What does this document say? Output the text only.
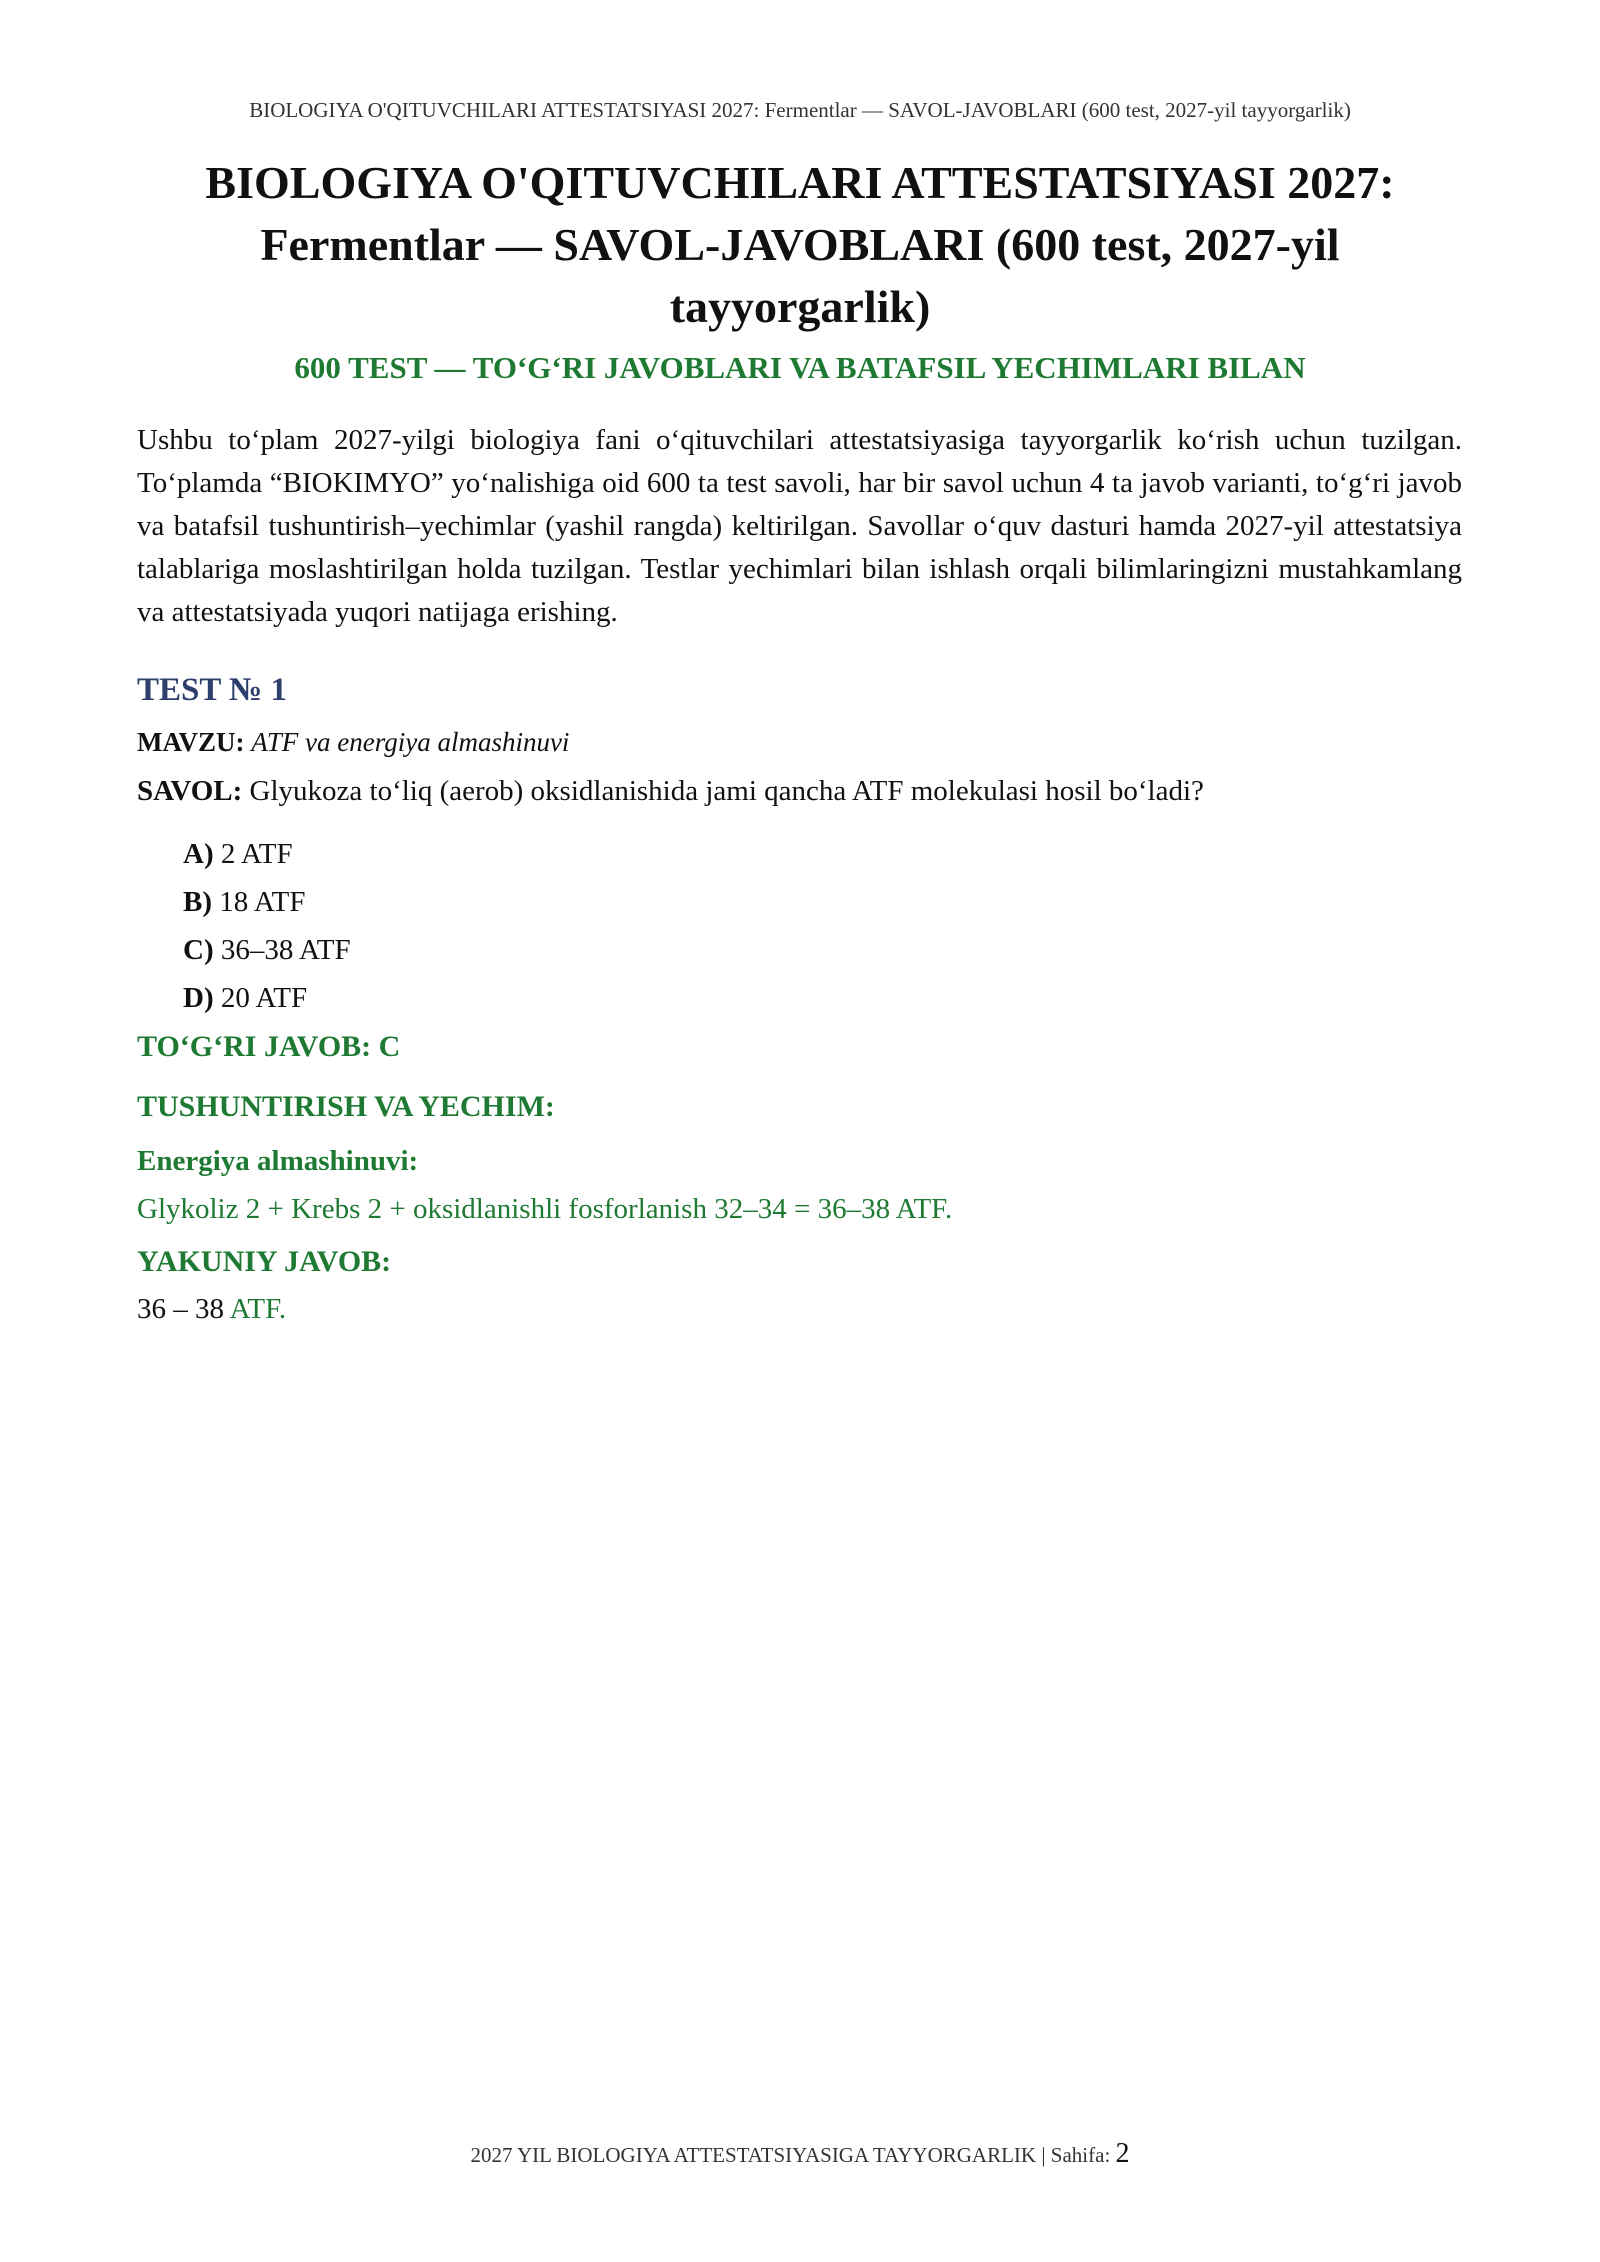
BIOLOGIYA O'QITUVCHILARI ATTESTATSIYASI 2027: Fermentlar — SAVOL-JAVOBLARI (600 test, 2027-yil tayyorgarlik)
BIOLOGIYA O'QITUVCHILARI ATTESTATSIYASI 2027: Fermentlar — SAVOL-JAVOBLARI (600 test, 2027-yil tayyorgarlik)
600 TEST — TO‘G‘RI JAVOBLARI VA BATAFSIL YECHIMLARI BILAN

Ushbu to‘plam 2027-yilgi biologiya fani o‘qituvchilari attestatsiyasiga tayyorgarlik ko‘rish uchun tuzilgan. To‘plamda “BIOKIMYO” yo‘nalishiga oid 600 ta test savoli, har bir savol uchun 4 ta javob varianti, to‘g‘ri javob va batafsil tushuntirish–yechimlar (yashil rangda) keltirilgan. Savollar o‘quv dasturi hamda 2027-yil attestatsiya talablariga moslashtirilgan holda tuzilgan. Testlar yechimlari bilan ishlash orqali bilimlaringizni mustahkamlang va attestatsiyada yuqori natijaga erishing.

TEST № 1
MAVZU: ATF va energiya almashinuvi
SAVOL: Glyukoza to‘liq (aerob) oksidlanishida jami qancha ATF molekulasi hosil bo‘ladi?
A) 2 ATF
B) 18 ATF
C) 36–38 ATF
D) 20 ATF
TO‘G‘RI JAVOB: C
TUSHUNTIRISH VA YECHIM:
Energiya almashinuvi:
Glykoliz 2 + Krebs 2 + oksidlanishli fosforlanish 32–34 = 36–38 ATF.
YAKUNIY JAVOB:
36 – 38 ATF.
2027 YIL BIOLOGIYA ATTESTATSIYASIGA TAYYORGARLIK | Sahifa: 2
